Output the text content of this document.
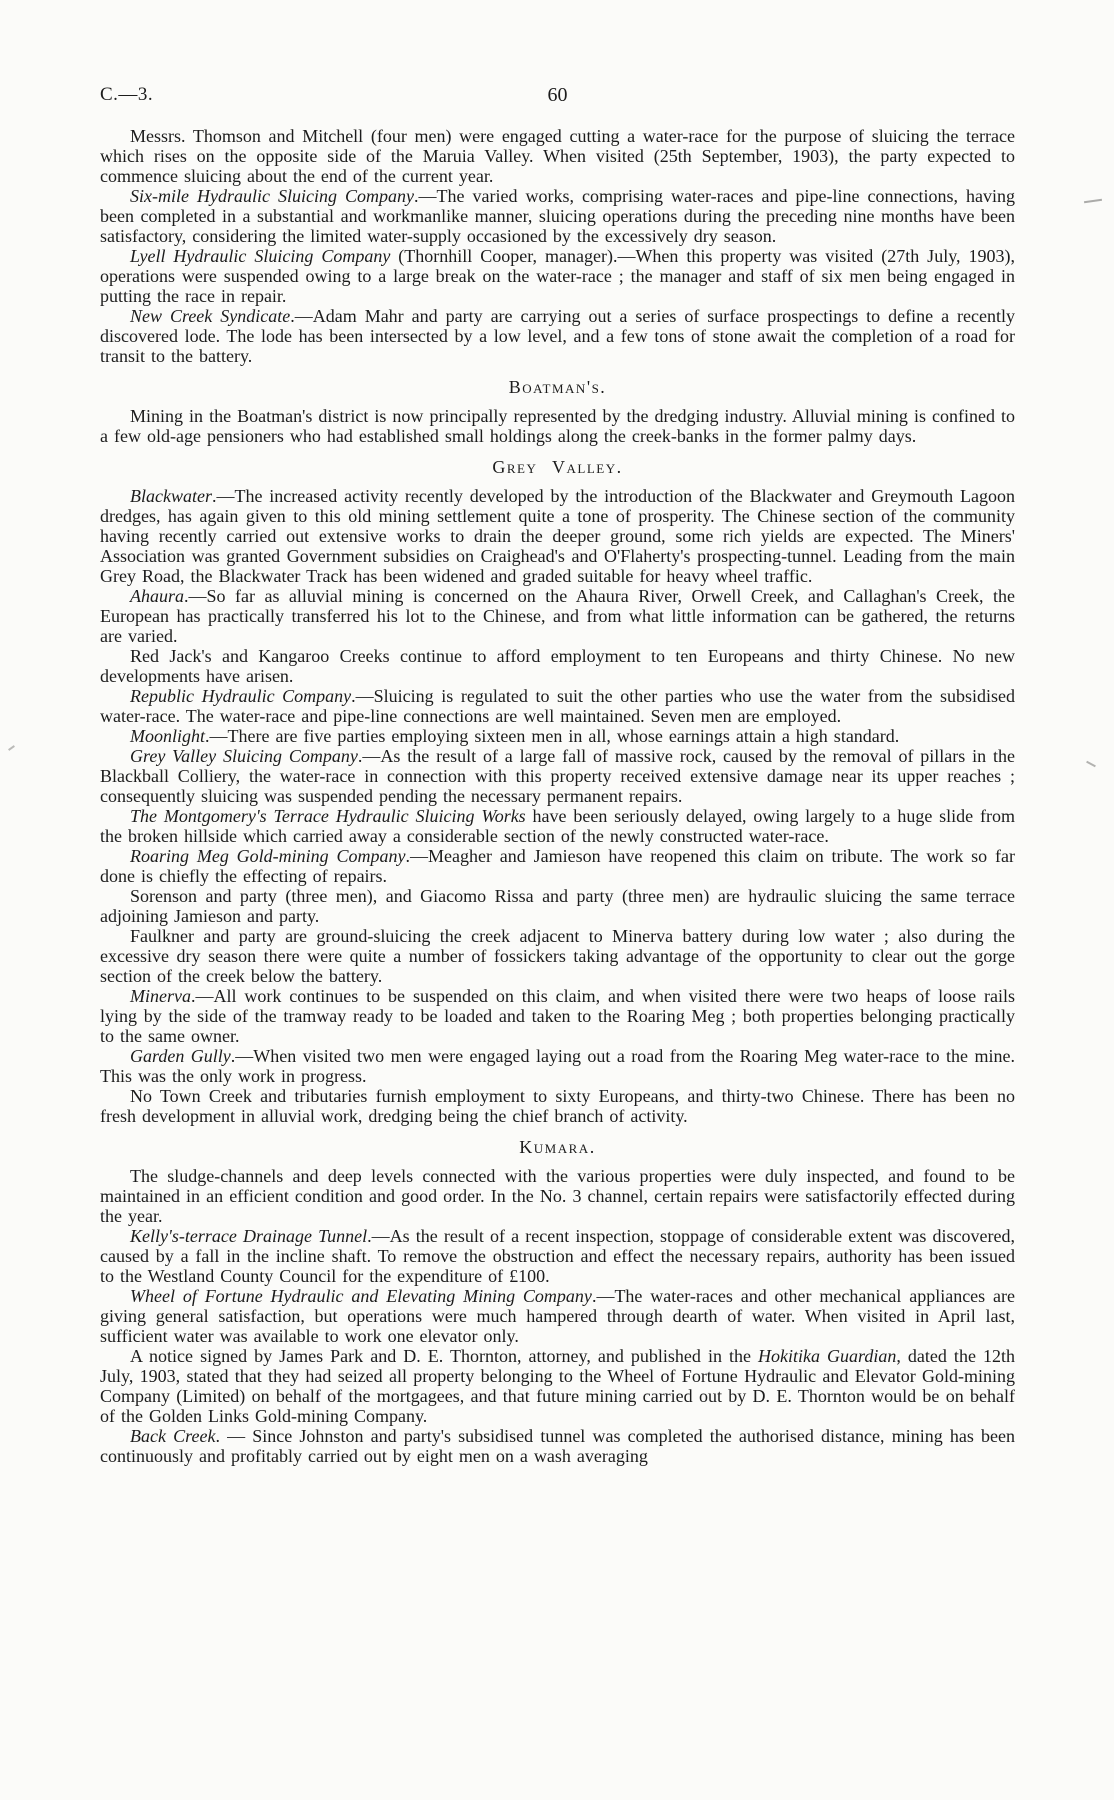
C.—3.	60

Messrs. Thomson and Mitchell (four men) were engaged cutting a water-race for the purpose of sluicing the terrace which rises on the opposite side of the Maruia Valley. When visited (25th September, 1903), the party expected to commence sluicing about the end of the current year.

Six-mile Hydraulic Sluicing Company.—The varied works, comprising water-races and pipe-line connections, having been completed in a substantial and workmanlike manner, sluicing operations during the preceding nine months have been satisfactory, considering the limited water-supply occasioned by the excessively dry season.

Lyell Hydraulic Sluicing Company (Thornhill Cooper, manager).—When this property was visited (27th July, 1903), operations were suspended owing to a large break on the water-race ; the manager and staff of six men being engaged in putting the race in repair.

New Creek Syndicate.—Adam Mahr and party are carrying out a series of surface prospectings to define a recently discovered lode. The lode has been intersected by a low level, and a few tons of stone await the completion of a road for transit to the battery.

Boatman's.

Mining in the Boatman's district is now principally represented by the dredging industry. Alluvial mining is confined to a few old-age pensioners who had established small holdings along the creek-banks in the former palmy days.

Grey Valley.

Blackwater.—The increased activity recently developed by the introduction of the Blackwater and Greymouth Lagoon dredges, has again given to this old mining settlement quite a tone of prosperity. The Chinese section of the community having recently carried out extensive works to drain the deeper ground, some rich yields are expected. The Miners' Association was granted Government subsidies on Craighead's and O'Flaherty's prospecting-tunnel. Leading from the main Grey Road, the Blackwater Track has been widened and graded suitable for heavy wheel traffic.

Ahaura.—So far as alluvial mining is concerned on the Ahaura River, Orwell Creek, and Callaghan's Creek, the European has practically transferred his lot to the Chinese, and from what little information can be gathered, the returns are varied.

Red Jack's and Kangaroo Creeks continue to afford employment to ten Europeans and thirty Chinese. No new developments have arisen.

Republic Hydraulic Company.—Sluicing is regulated to suit the other parties who use the water from the subsidised water-race. The water-race and pipe-line connections are well maintained. Seven men are employed.

Moonlight.—There are five parties employing sixteen men in all, whose earnings attain a high standard.

Grey Valley Sluicing Company.—As the result of a large fall of massive rock, caused by the removal of pillars in the Blackball Colliery, the water-race in connection with this property received extensive damage near its upper reaches ; consequently sluicing was suspended pending the necessary permanent repairs.

The Montgomery's Terrace Hydraulic Sluicing Works have been seriously delayed, owing largely to a huge slide from the broken hillside which carried away a considerable section of the newly constructed water-race.

Roaring Meg Gold-mining Company.—Meagher and Jamieson have reopened this claim on tribute. The work so far done is chiefly the effecting of repairs.

Sorenson and party (three men), and Giacomo Rissa and party (three men) are hydraulic sluicing the same terrace adjoining Jamieson and party.

Faulkner and party are ground-sluicing the creek adjacent to Minerva battery during low water ; also during the excessive dry season there were quite a number of fossickers taking advantage of the opportunity to clear out the gorge section of the creek below the battery.

Minerva.—All work continues to be suspended on this claim, and when visited there were two heaps of loose rails lying by the side of the tramway ready to be loaded and taken to the Roaring Meg ; both properties belonging practically to the same owner.

Garden Gully.—When visited two men were engaged laying out a road from the Roaring Meg water-race to the mine. This was the only work in progress.

No Town Creek and tributaries furnish employment to sixty Europeans, and thirty-two Chinese. There has been no fresh development in alluvial work, dredging being the chief branch of activity.

Kumara.

The sludge-channels and deep levels connected with the various properties were duly inspected, and found to be maintained in an efficient condition and good order. In the No. 3 channel, certain repairs were satisfactorily effected during the year.

Kelly's-terrace Drainage Tunnel.—As the result of a recent inspection, stoppage of considerable extent was discovered, caused by a fall in the incline shaft. To remove the obstruction and effect the necessary repairs, authority has been issued to the Westland County Council for the expenditure of £100.

Wheel of Fortune Hydraulic and Elevating Mining Company.—The water-races and other mechanical appliances are giving general satisfaction, but operations were much hampered through dearth of water. When visited in April last, sufficient water was available to work one elevator only.

A notice signed by James Park and D. E. Thornton, attorney, and published in the Hokitika Guardian, dated the 12th July, 1903, stated that they had seized all property belonging to the Wheel of Fortune Hydraulic and Elevator Gold-mining Company (Limited) on behalf of the mortgagees, and that future mining carried out by D. E. Thornton would be on behalf of the Golden Links Gold-mining Company.

Back Creek. — Since Johnston and party's subsidised tunnel was completed the authorised distance, mining has been continuously and profitably carried out by eight men on a wash averaging
